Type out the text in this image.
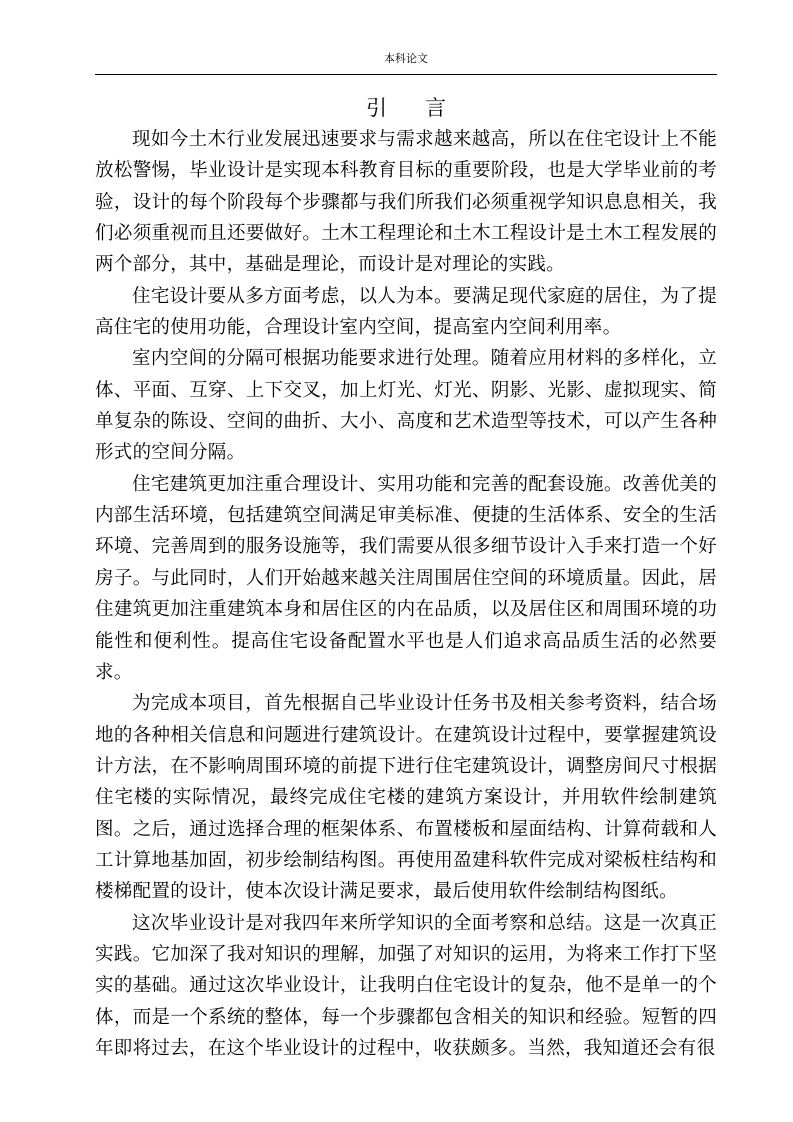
本科论文
引 言

现如今土木行业发展迅速要求与需求越来越高，所以在住宅设计上不能放松警惕，毕业设计是实现本科教育目标的重要阶段，也是大学毕业前的考验，设计的每个阶段每个步骤都与我们所我们必须重视学知识息息相关，我们必须重视而且还要做好。土木工程理论和土木工程设计是土木工程发展的两个部分，其中，基础是理论，而设计是对理论的实践。

住宅设计要从多方面考虑，以人为本。要满足现代家庭的居住，为了提高住宅的使用功能，合理设计室内空间，提高室内空间利用率。

室内空间的分隔可根据功能要求进行处理。随着应用材料的多样化，立体、平面、互穿、上下交叉，加上灯光、灯光、阴影、光影、虚拟现实、简单复杂的陈设、空间的曲折、大小、高度和艺术造型等技术，可以产生各种形式的空间分隔。

住宅建筑更加注重合理设计、实用功能和完善的配套设施。改善优美的内部生活环境，包括建筑空间满足审美标准、便捷的生活体系、安全的生活环境、完善周到的服务设施等，我们需要从很多细节设计入手来打造一个好房子。与此同时，人们开始越来越关注周围居住空间的环境质量。因此，居住建筑更加注重建筑本身和居住区的内在品质，以及居住区和周围环境的功能性和便利性。提高住宅设备配置水平也是人们追求高品质生活的必然要求。

为完成本项目，首先根据自己毕业设计任务书及相关参考资料，结合场地的各种相关信息和问题进行建筑设计。在建筑设计过程中，要掌握建筑设计方法，在不影响周围环境的前提下进行住宅建筑设计，调整房间尺寸根据住宅楼的实际情况，最终完成住宅楼的建筑方案设计，并用软件绘制建筑图。之后，通过选择合理的框架体系、布置楼板和屋面结构、计算荷载和人工计算地基加固，初步绘制结构图。再使用盈建科软件完成对梁板柱结构和楼梯配置的设计，使本次设计满足要求，最后使用软件绘制结构图纸。

这次毕业设计是对我四年来所学知识的全面考察和总结。这是一次真正实践。它加深了我对知识的理解，加强了对知识的运用，为将来工作打下坚实的基础。通过这次毕业设计，让我明白住宅设计的复杂，他不是单一的个体，而是一个系统的整体，每一个步骤都包含相关的知识和经验。短暂的四年即将过去，在这个毕业设计的过程中，收获颇多。当然，我知道还会有很
